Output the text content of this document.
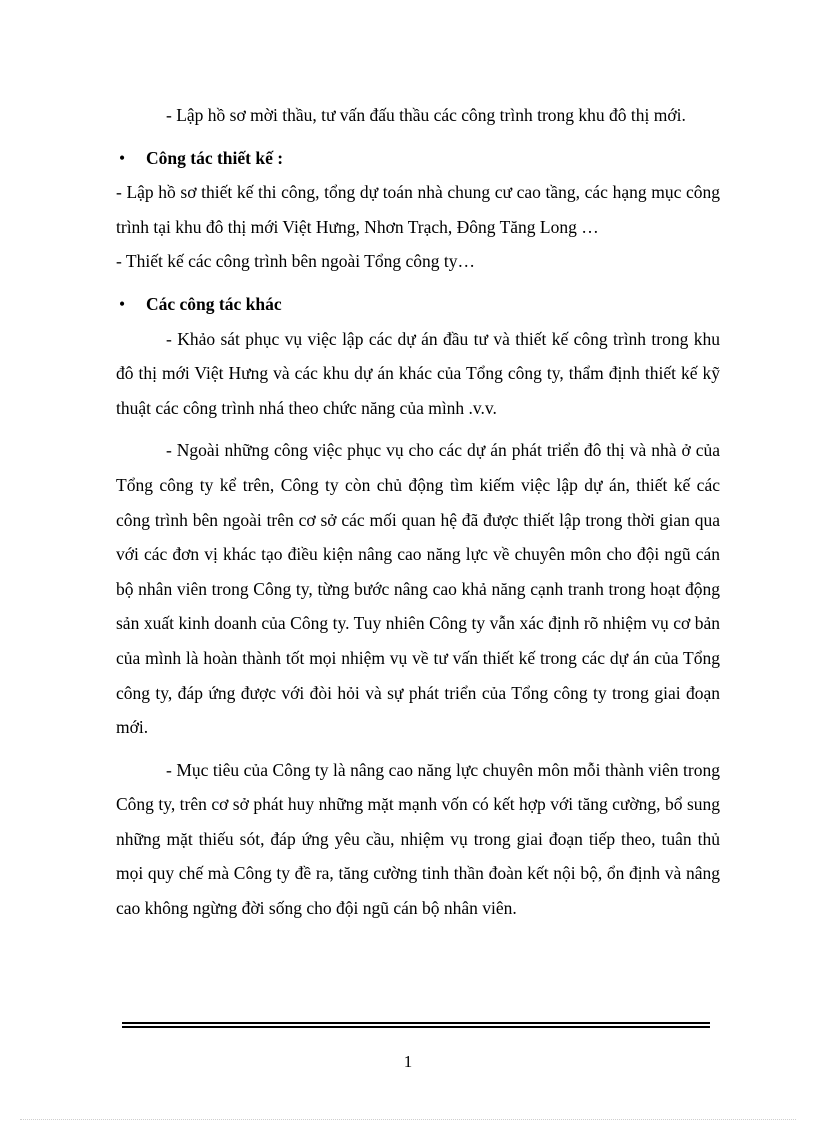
- Lập hồ sơ mời thầu, tư vấn đấu thầu các công trình trong khu đô thị mới.

• Công tác thiết kế :

- Lập hồ sơ thiết kế thi công, tổng dự toán nhà chung cư cao tầng, các hạng mục công trình tại khu đô thị mới Việt Hưng, Nhơn Trạch, Đông Tăng Long …

- Thiết kế các công trình bên ngoài Tổng công ty…

• Các công tác khác

- Khảo sát phục vụ việc lập các dự án đầu tư và thiết kế công trình trong khu đô thị mới Việt Hưng và các khu dự án khác của Tổng công ty, thẩm định thiết kế kỹ thuật các công trình nhá theo chức năng của mình .v.v.

- Ngoài những công việc phục vụ cho các dự án phát triển đô thị và nhà ở của Tổng công ty kể trên, Công ty còn chủ động tìm kiếm việc lập dự án, thiết kế các công trình bên ngoài trên cơ sở các mối quan hệ đã được thiết lập trong thời gian qua với các đơn vị khác tạo điều kiện nâng cao năng lực về chuyên môn cho đội ngũ cán bộ nhân viên trong Công ty, từng bước nâng cao khả năng cạnh tranh trong hoạt động sản xuất kinh doanh của Công ty. Tuy nhiên Công ty vẫn xác định rõ nhiệm vụ cơ bản của mình là hoàn thành tốt mọi nhiệm vụ về tư vấn thiết kế trong các dự án của Tổng công ty, đáp ứng được với đòi hỏi và sự phát triển của Tổng công ty trong giai đoạn mới.

- Mục tiêu của Công ty là nâng cao năng lực chuyên môn mỗi thành viên trong Công ty, trên cơ sở phát huy những mặt mạnh vốn có kết hợp với tăng cường, bổ sung những mặt thiếu sót, đáp ứng yêu cầu, nhiệm vụ trong giai đoạn tiếp theo, tuân thủ mọi quy chế mà Công ty đề ra, tăng cường tinh thần đoàn kết nội bộ, ổn định và nâng cao không ngừng đời sống cho đội ngũ cán bộ nhân viên.

1
